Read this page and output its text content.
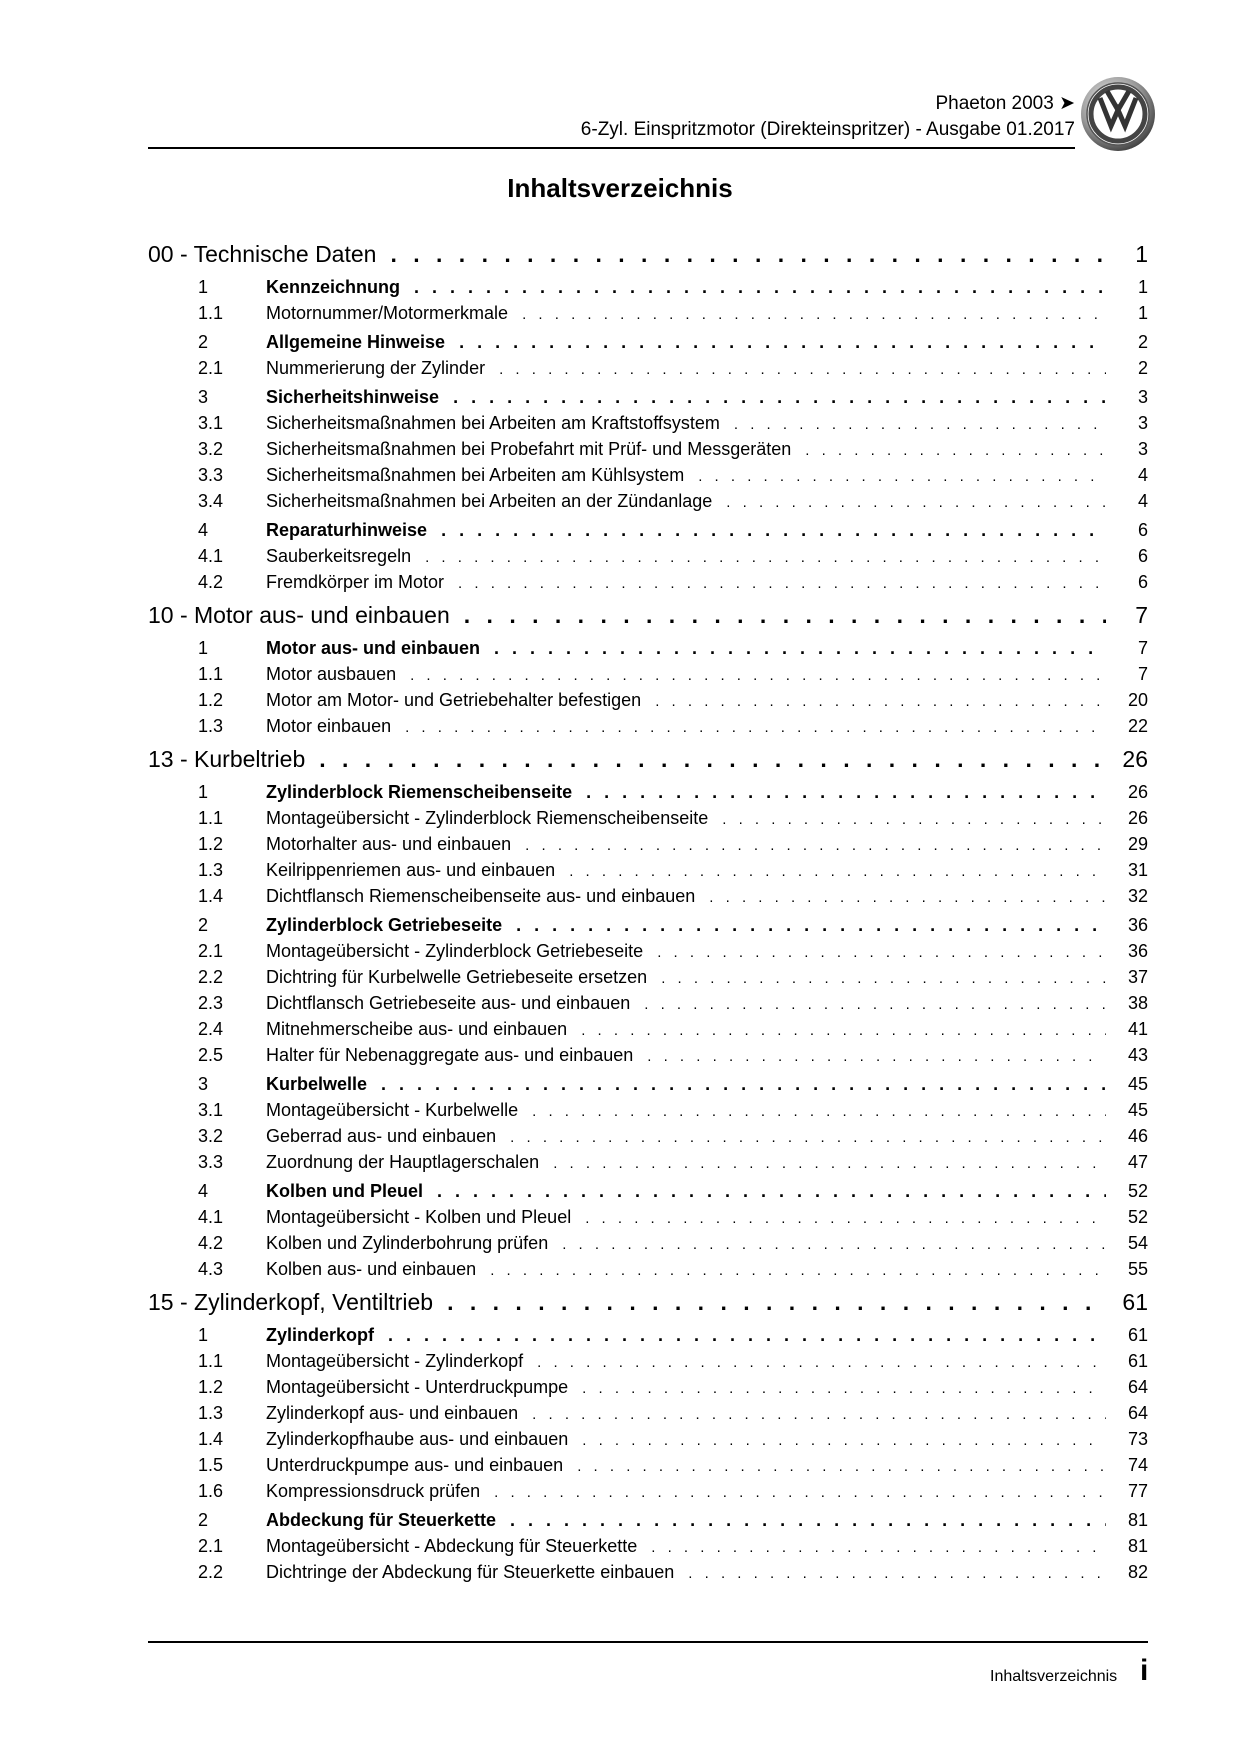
Phaeton 2003 ➤
6-Zyl. Einspritzmotor (Direkteinspritzer) - Ausgabe 01.2017
Inhaltsverzeichnis
00 - Technische Daten . . .	1
1	Kennzeichnung . . .	1
1.1	Motornummer/Motormerkmale . . .	1
2	Allgemeine Hinweise . . .	2
2.1	Nummerierung der Zylinder . . .	2
3	Sicherheitshinweise . . .	3
3.1	Sicherheitsmaßnahmen bei Arbeiten am Kraftstoffsystem . . .	3
3.2	Sicherheitsmaßnahmen bei Probefahrt mit Prüf- und Messgeräten . . .	3
3.3	Sicherheitsmaßnahmen bei Arbeiten am Kühlsystem . . .	4
3.4	Sicherheitsmaßnahmen bei Arbeiten an der Zündanlage . . .	4
4	Reparaturhinweise . . .	6
4.1	Sauberkeitsregeln . . .	6
4.2	Fremdkörper im Motor . . .	6
10 - Motor aus- und einbauen . . .	7
1	Motor aus- und einbauen . . .	7
1.1	Motor ausbauen . . .	7
1.2	Motor am Motor- und Getriebehalter befestigen . . .	20
1.3	Motor einbauen . . .	22
13 - Kurbeltrieb . . .	26
1	Zylinderblock Riemenscheibenseite . . .	26
1.1	Montageübersicht - Zylinderblock Riemenscheibenseite . . .	26
1.2	Motorhalter aus- und einbauen . . .	29
1.3	Keilrippenriemen aus- und einbauen . . .	31
1.4	Dichtflansch Riemenscheibenseite aus- und einbauen . . .	32
2	Zylinderblock Getriebeseite . . .	36
2.1	Montageübersicht - Zylinderblock Getriebeseite . . .	36
2.2	Dichtring für Kurbelwelle Getriebeseite ersetzen . . .	37
2.3	Dichtflansch Getriebeseite aus- und einbauen . . .	38
2.4	Mitnehmerscheibe aus- und einbauen . . .	41
2.5	Halter für Nebenaggregate aus- und einbauen . . .	43
3	Kurbelwelle . . .	45
3.1	Montageübersicht - Kurbelwelle . . .	45
3.2	Geberrad aus- und einbauen . . .	46
3.3	Zuordnung der Hauptlagerschalen . . .	47
4	Kolben und Pleuel . . .	52
4.1	Montageübersicht - Kolben und Pleuel . . .	52
4.2	Kolben und Zylinderbohrung prüfen . . .	54
4.3	Kolben aus- und einbauen . . .	55
15 - Zylinderkopf, Ventiltrieb . . .	61
1	Zylinderkopf . . .	61
1.1	Montageübersicht - Zylinderkopf . . .	61
1.2	Montageübersicht - Unterdruckpumpe . . .	64
1.3	Zylinderkopf aus- und einbauen . . .	64
1.4	Zylinderkopfhaube aus- und einbauen . . .	73
1.5	Unterdruckpumpe aus- und einbauen . . .	74
1.6	Kompressionsdruck prüfen . . .	77
2	Abdeckung für Steuerkette . . .	81
2.1	Montageübersicht - Abdeckung für Steuerkette . . .	81
2.2	Dichtringe der Abdeckung für Steuerkette einbauen . . .	82
Inhaltsverzeichnis i
